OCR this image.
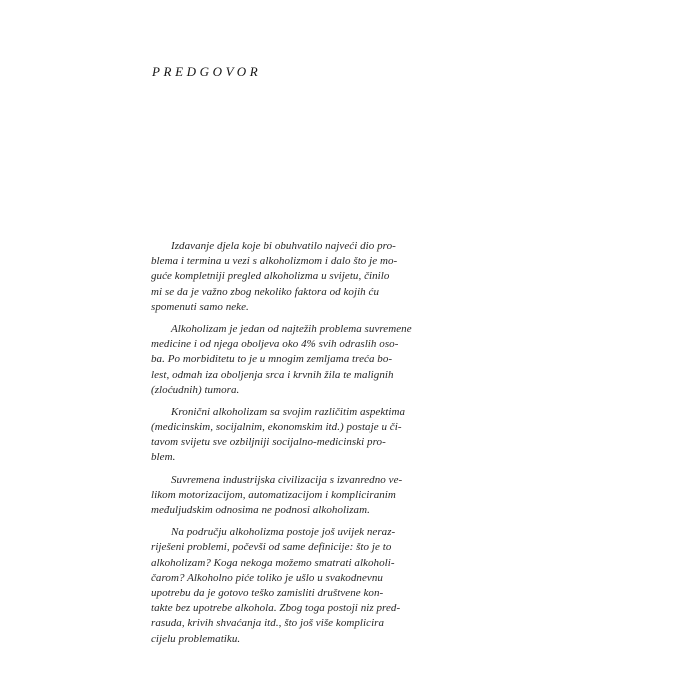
PREDGOVOR
Izdavanje djela koje bi obuhvatilo najveći dio pro-
blema i termina u vezi s alkoholizmom i dalo što je mo-
guće kompletniji pregled alkoholizma u svijetu, činilo
mi se da je važno zbog nekoliko faktora od kojih ću
spomenuti samo neke.
Alkoholizam je jedan od najtežih problema suvremene
medicine i od njega oboljeva oko 4% svih odraslih oso-
ba. Po morbiditetu to je u mnogim zemljama treća bo-
lest, odmah iza oboljenja srca i krvnih žila te malignih
(zloćudnih) tumora.
Kronični alkoholizam sa svojim različitim aspektima
(medicinskim, socijalnim, ekonomskim itd.) postaje u či-
tavom svijetu sve ozbiljniji socijalno-medicinski pro-
blem.
Suvremena industrijska civilizacija s izvanredno ve-
likom motorizacijom, automatizacijom i kompliciranim
međuljudskim odnosima ne podnosi alkoholizam.
Na području alkoholizma postoje još uvijek neraz-
riješeni problemi, počevši od same definicije: što je to
alkoholizam? Koga nekoga možemo smatrati alkoholi-
čarom? Alkoholno piće toliko je ušlo u svakodnevnu
upotrebu da je gotovo teško zamisliti društvene kon-
takte bez upotrebe alkohola. Zbog toga postoji niz pred-
rasuda, krivih shvaćanja itd., što još više komplicira
cijelu problematiku.
